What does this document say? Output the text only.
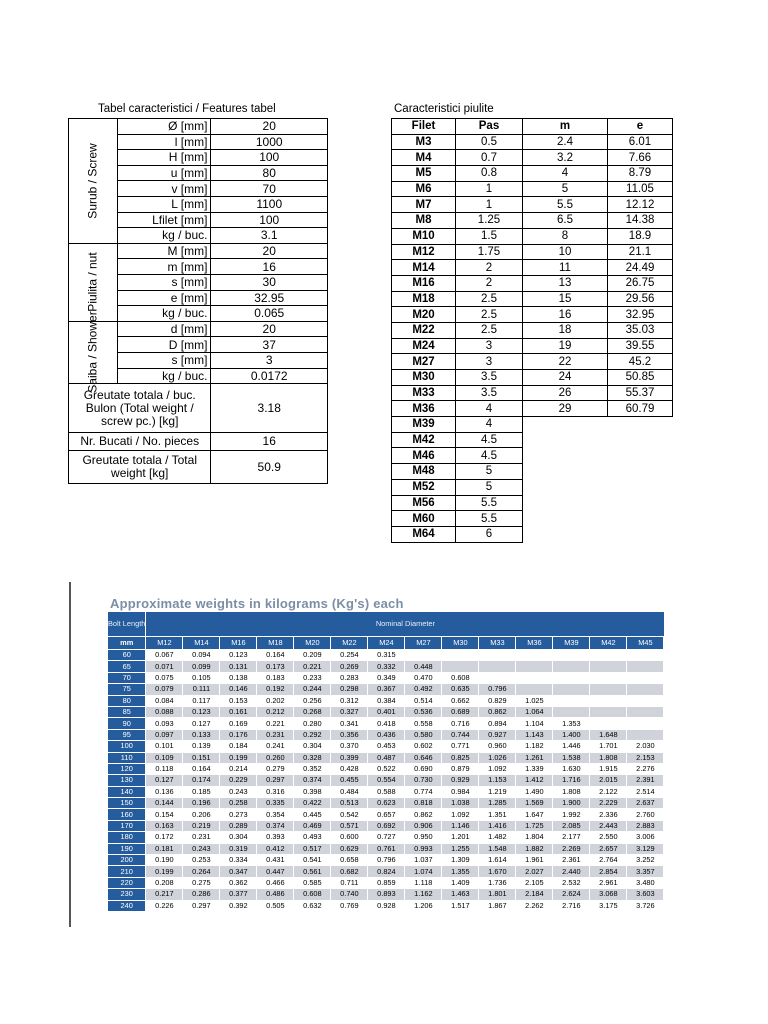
Tabel caracteristici / Features tabel
Surub / Screw	Ø [mm]	20
	l [mm]	1000
	H [mm]	100
	u [mm]	80
	v [mm]	70
	L [mm]	1100
	Lfilet [mm]	100
	kg / buc.	3.1

Piulita / nut	M [mm]	20
	m [mm]	16
	s [mm]	30
	e [mm]	32.95
	kg / buc.	0.065

Saiba / Shower	d [mm]	20
	D [mm]	37
	s [mm]	3
	kg / buc.	0.0172
Greutate totala / buc. Bulon (Total weight / screw pc.) [kg]		3.18
Nr. Bucati / No. pieces		16
Greutate totala / Total weight [kg]		50.9
Caracteristici piulite
Filet	Pas	m	e
M3	0.5	2.4	6.01
M4	0.7	3.2	7.66
M5	0.8	4	8.79
M6	1	5	11.05
M7	1	5.5	12.12
M8	1.25	6.5	14.38
M10	1.5	8	18.9
M12	1.75	10	21.1
M14	2	11	24.49
M16	2	13	26.75
M18	2.5	15	29.56
M20	2.5	16	32.95
M22	2.5	18	35.03
M24	3	19	39.55
M27	3	22	45.2
M30	3.5	24	50.85
M33	3.5	26	55.37
M36	4	29	60.79
M39	4		
M42	4.5		
M46	4.5		
M48	5		
M52	5		
M56	5.5		
M60	5.5		
M64	6		
Approximate weights in kilograms (Kg's) each
Bolt Length	Nominal Diameter														
mm	M12	M14	M16	M18	M20	M22	M24	M27	M30	M33	M36	M39	M42	M45	
60	0.067	0.094	0.123	0.164	0.209	0.254	0.315								
65	0.071	0.099	0.131	0.173	0.221	0.269	0.332	0.448							
70	0.075	0.105	0.138	0.183	0.233	0.283	0.349	0.470	0.608						
75	0.079	0.111	0.146	0.192	0.244	0.298	0.367	0.492	0.635	0.796					
80	0.084	0.117	0.153	0.202	0.256	0.312	0.384	0.514	0.662	0.829	1.025				
85	0.088	0.123	0.161	0.212	0.268	0.327	0.401	0.536	0.689	0.862	1.064				
90	0.093	0.127	0.169	0.221	0.280	0.341	0.418	0.558	0.716	0.894	1.104	1.353			
95	0.097	0.133	0.176	0.231	0.292	0.356	0.436	0.580	0.744	0.927	1.143	1.400	1.648		
100	0.101	0.139	0.184	0.241	0.304	0.370	0.453	0.602	0.771	0.960	1.182	1.446	1.701	2.030	
110	0.109	0.151	0.199	0.260	0.328	0.399	0.487	0.646	0.825	1.026	1.261	1.538	1.808	2.153	
120	0.118	0.164	0.214	0.279	0.352	0.428	0.522	0.690	0.879	1.092	1.339	1.630	1.915	2.276	
130	0.127	0.174	0.229	0.297	0.374	0.455	0.554	0.730	0.929	1.153	1.412	1.716	2.015	2.391	
140	0.136	0.185	0.243	0.316	0.398	0.484	0.588	0.774	0.984	1.219	1.490	1.808	2.122	2.514	
150	0.144	0.196	0.258	0.335	0.422	0.513	0.623	0.818	1.038	1.285	1.569	1.900	2.229	2.637	
160	0.154	0.206	0.273	0.354	0.445	0.542	0.657	0.862	1.092	1.351	1.647	1.992	2.336	2.760	
170	0.163	0.219	0.289	0.374	0.469	0.571	0.692	0.906	1.146	1.416	1.725	2.085	2.443	2.883	
180	0.172	0.231	0.304	0.393	0.493	0.600	0.727	0.950	1.201	1.482	1.804	2.177	2.550	3.006	
190	0.181	0.243	0.319	0.412	0.517	0.629	0.761	0.993	1.255	1.548	1.882	2.269	2.657	3.129	
200	0.190	0.253	0.334	0.431	0.541	0.658	0.796	1.037	1.309	1.614	1.961	2.361	2.764	3.252	
210	0.199	0.264	0.347	0.447	0.561	0.682	0.824	1.074	1.355	1.670	2.027	2.440	2.854	3.357	
220	0.208	0.275	0.362	0.466	0.585	0.711	0.859	1.118	1.409	1.736	2.105	2.532	2.961	3.480	
230	0.217	0.286	0.377	0.486	0.608	0.740	0.893	1.162	1.463	1.801	2.184	2.624	3.068	3.603	
240	0.226	0.297	0.392	0.505	0.632	0.769	0.928	1.206	1.517	1.867	2.262	2.716	3.175	3.726	
